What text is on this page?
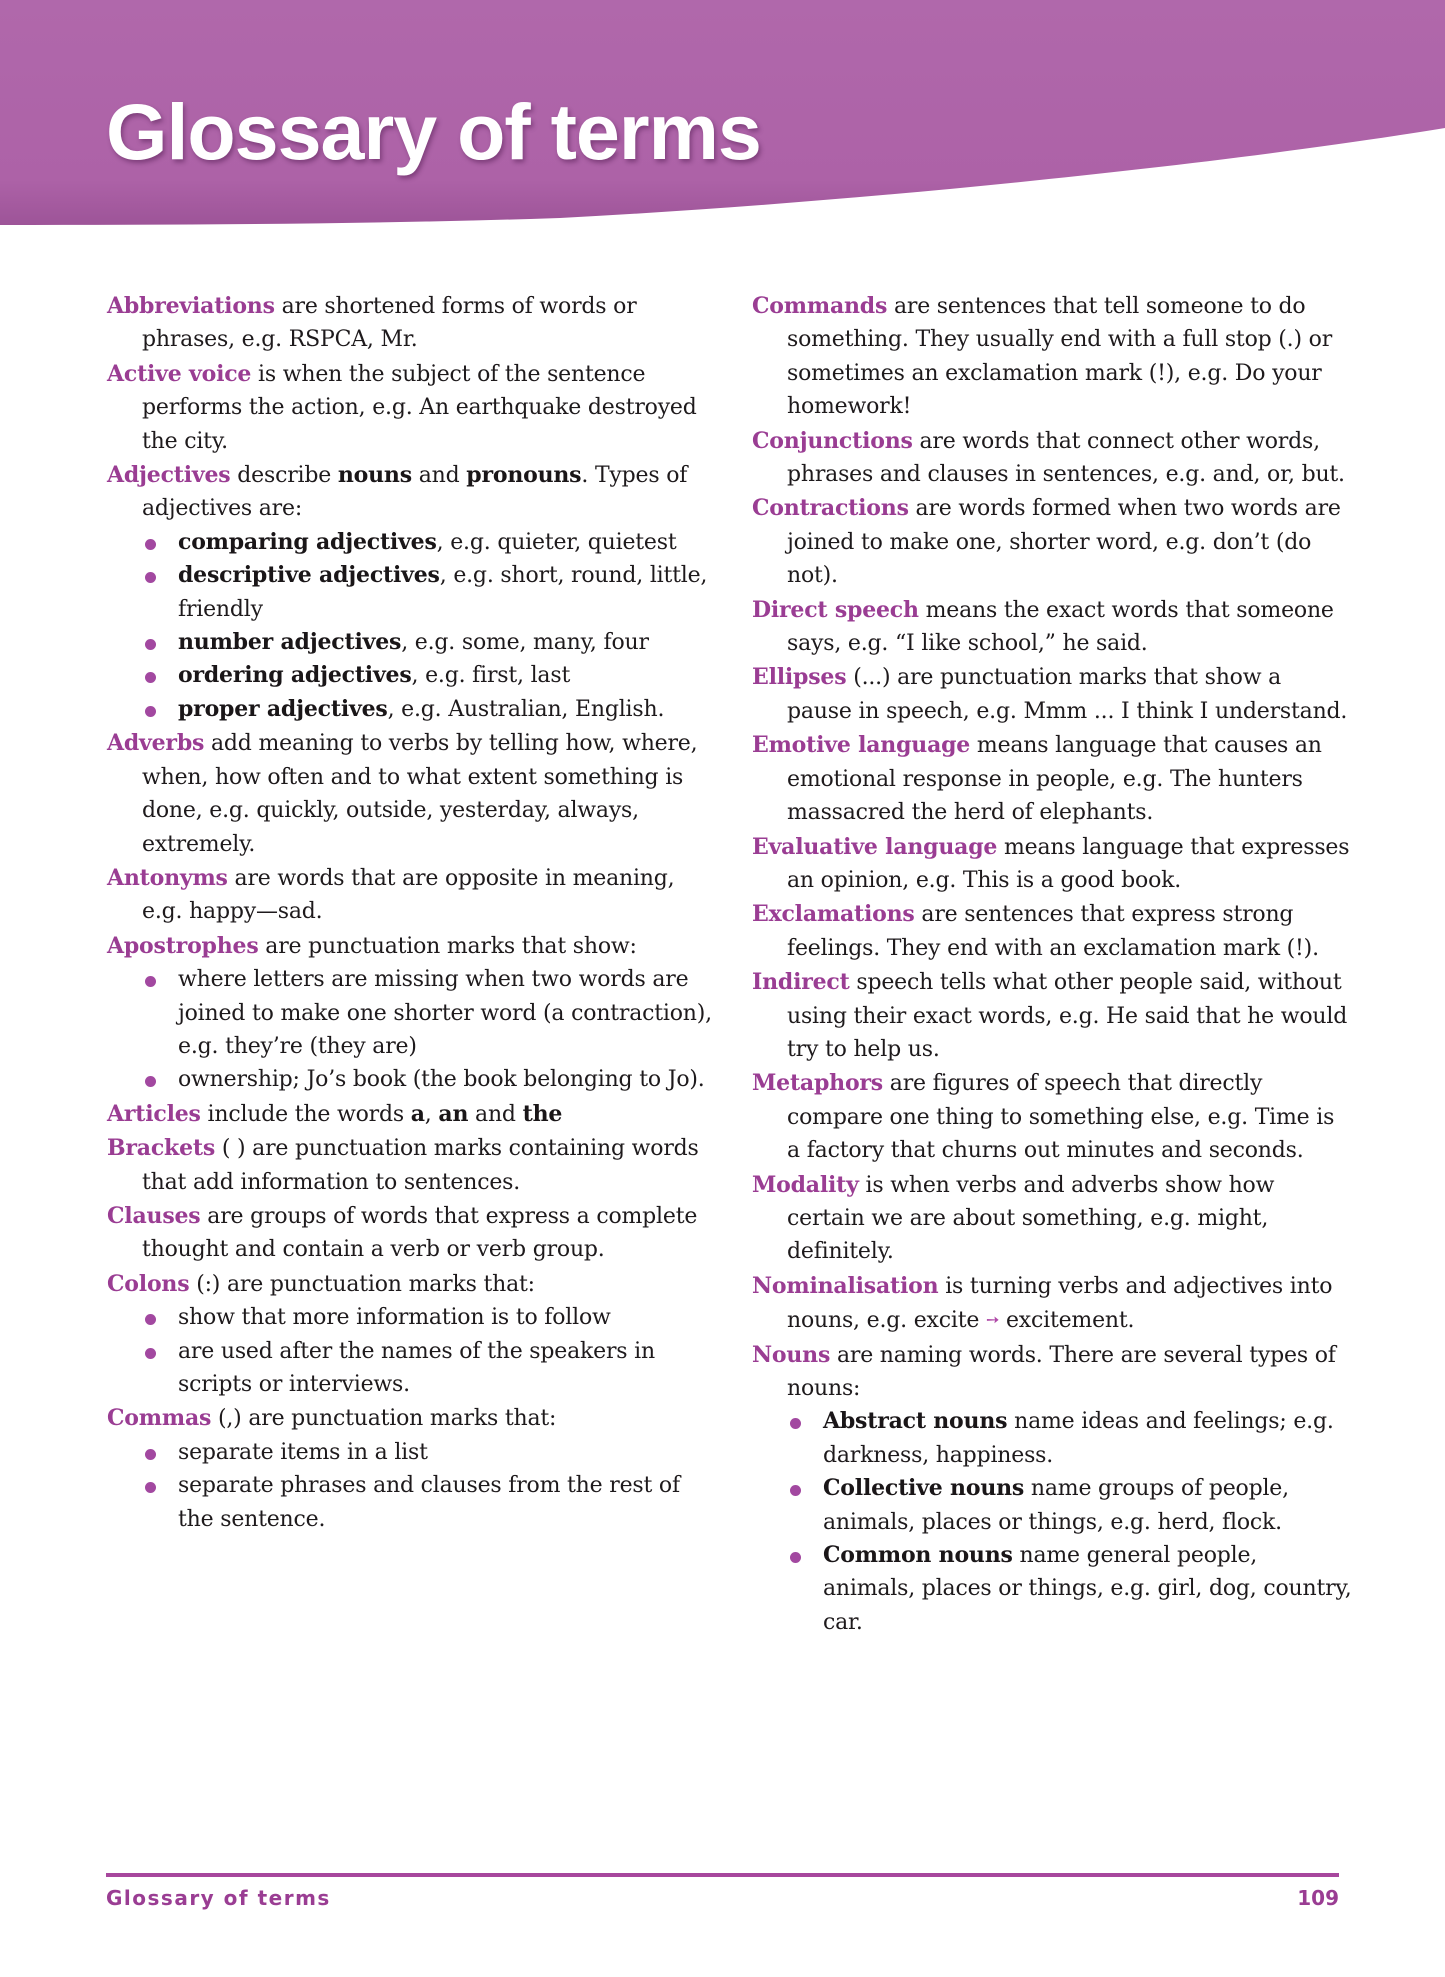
Glossary of terms

Abbreviations are shortened forms of words or phrases, e.g. RSPCA, Mr.

Active voice is when the subject of the sentence performs the action, e.g. An earthquake destroyed the city.

Adjectives describe nouns and pronouns. Types of adjectives are:
comparing adjectives, e.g. quieter, quietest
descriptive adjectives, e.g. short, round, little, friendly
number adjectives, e.g. some, many, four
ordering adjectives, e.g. first, last
proper adjectives, e.g. Australian, English.

Adverbs add meaning to verbs by telling how, where, when, how often and to what extent something is done, e.g. quickly, outside, yesterday, always, extremely.

Antonyms are words that are opposite in meaning, e.g. happy—sad.

Apostrophes are punctuation marks that show:
where letters are missing when two words are joined to make one shorter word (a contraction), e.g. they’re (they are)
ownership; Jo’s book (the book belonging to Jo).

Articles include the words a, an and the

Brackets ( ) are punctuation marks containing words that add information to sentences.

Clauses are groups of words that express a complete thought and contain a verb or verb group.

Colons (:) are punctuation marks that:
show that more information is to follow
are used after the names of the speakers in scripts or interviews.
Commas (,) are punctuation marks that:
separate items in a list
separate phrases and clauses from the rest of the sentence.

Commands are sentences that tell someone to do something. They usually end with a full stop (.) or sometimes an exclamation mark (!), e.g. Do your homework!

Conjunctions are words that connect other words, phrases and clauses in sentences, e.g. and, or, but.

Contractions are words formed when two words are joined to make one, shorter word, e.g. don’t (do not).

Direct speech means the exact words that someone says, e.g. “I like school,” he said.

Ellipses (...) are punctuation marks that show a pause in speech, e.g. Mmm ... I think I understand.

Emotive language means language that causes an emotional response in people, e.g. The hunters massacred the herd of elephants.

Evaluative language means language that expresses an opinion, e.g. This is a good book.

Exclamations are sentences that express strong feelings. They end with an exclamation mark (!).

Indirect speech tells what other people said, without using their exact words, e.g. He said that he would try to help us.

Metaphors are figures of speech that directly compare one thing to something else, e.g. Time is a factory that churns out minutes and seconds.

Modality is when verbs and adverbs show how certain we are about something, e.g. might, definitely.

Nominalisation is turning verbs and adjectives into nouns, e.g. excite ➙ excitement.

Nouns are naming words. There are several types of nouns:
Abstract nouns name ideas and feelings; e.g. darkness, happiness.
Collective nouns name groups of people, animals, places or things, e.g. herd, flock.
Common nouns name general people, animals, places or things, e.g. girl, dog, country, car.
Glossary of terms	109
